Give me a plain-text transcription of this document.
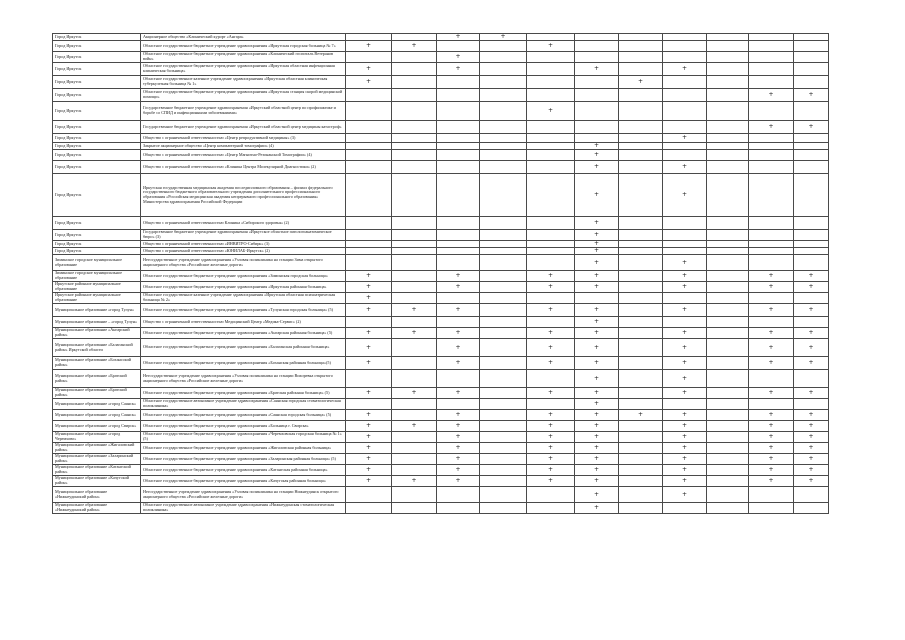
Город Иркутск	Акционерное общество «Клинический курорт «Ангара»			+	+							
Город Иркутск	Областное государственное бюджетное учреждение здравоохранения «Иркутская городская больница № 7»	+	+			+						
Город Иркутск	Областное государственное бюджетное учреждение здравоохранения «Клинический госпиталь Ветеранов войн»			+								
Город Иркутск	Областное государственное бюджетное учреждение здравоохранения «Иркутская областная инфекционная клиническая больница»	+		+			+		+			
Город Иркутск	Областное государственное казенное учреждение здравоохранения «Иркутская областная клиническая туберкулезная больница № 1»	+						+				
Город Иркутск	Областное государственное бюджетное учреждение здравоохранения «Иркутская станция скорой медицинской помощи»										+	+
Город Иркутск	Государственное бюджетное учреждение здравоохранения «Иркутский областной центр по профилактике и борьбе со СПИД и инфекционными заболеваниями»					+						
Город Иркутск	Государственное бюджетное учреждение здравоохранения «Иркутский областной центр медицины катастроф»										+	+
Город Иркутск	Общество с ограниченной ответственностью «Центр репродуктивной медицины» (3)								+			
Город Иркутск	Закрытое акционерное общество «Центр компьютерной томографии» (4)						+					
Город Иркутск	Общество с ограниченной ответственностью «Центр Магнитно-Резонансной Томографии» (4)						+					
Город Иркутск	Общество с ограниченной ответственностью «Клиника Центра Молекулярной Диагностики» (2)						+		+			
Город Иркутск	Иркутская государственная медицинская академия последипломного образования – филиал федерального государственного бюджетного образовательного учреждения дополнительного профессионального образования «Российская медицинская академия непрерывного профессионального образования» Министерства здравоохранения Российской Федерации						+		+			
Город Иркутск	Общество с ограниченной ответственностью Клиника «Сибирского здоровья» (2)						+					
Город Иркутск	Государственное бюджетное учреждение здравоохранения «Иркутское областное патологоанатомическое бюро» (3)						+					
Город Иркутск	Общество с ограниченной ответственностью «ИНВИТРО-Сибирь» (3)						+					
Город Иркутск	Общество с ограниченной ответственностью «ЮНИЛАБ-Иркутск» (2)						+					
Зиминское городское муниципальное образование	Негосударственное учреждение здравоохранения «Узловая поликлиника на станции Зима открытого акционерного общества «Российские железные дороги»						+		+			
Зиминское городское муниципальное образование	Областное государственное бюджетное учреждение здравоохранения «Зиминская городская больница»	+		+		+	+		+		+	+
Иркутское районное муниципальное образование	Областное государственное бюджетное учреждение здравоохранения «Иркутская районная больница»	+		+		+	+		+		+	+
Иркутское районное муниципальное образование	Областное государственное казенное учреждение здравоохранения «Иркутская областная психиатрическая больница № 2»	+										
Муниципальное образование «город Тулун»	Областное государственное бюджетное учреждение здравоохранения «Тулунская городская больница» (5)	+	+	+		+	+		+		+	+
Муниципальное образование – «город Тулун»	Общество с ограниченной ответственностью Медицинский Центр «Медика-Сервис» (2)						+					
Муниципальное образование «Ангарский район»	Областное государственное бюджетное учреждение здравоохранения «Ангарская районная больница» (5)	+	+	+		+	+		+		+	+
Муниципальное образование «Балаганский район» Иркутской области	Областное государственное бюджетное учреждение здравоохранения «Балаганская районная больница»	+		+		+	+		+		+	+
Муниципальное образование «Бохансский район»	Областное государственное бюджетное учреждение здравоохранения «Боханская районная больница»(5)	+		+		+	+		+		+	+
Муниципальное образование «Братский район»	Негосударственное учреждение здравоохранения «Узловая поликлиника на станции Вихоревка открытого акционерного общества «Российские железные дороги»						+		+			
Муниципальное образование «Братский район»	Областное государственное бюджетное учреждение здравоохранения «Братская районная больница» (5)	+	+	+		+	+		+		+	+
Муниципальное образование «город Саянск»	Областное государственное автономное учреждение здравоохранения «Саянская городская стоматологическая поликлиника»						+					
Муниципальное образование «город Саянск»	Областное государственное бюджетное учреждение здравоохранения «Саянская городская больница» (5)	+		+		+	+	+	+		+	+
Муниципальное образование «город Свирск»	Областное государственное бюджетное учреждение здравоохранения «Больница г. Свирска»	+	+	+		+	+		+		+	+
Муниципальное образование «город Черемхово»	Областное государственное бюджетное учреждение здравоохранения «Черемховская городская больница № 1» (5)	+		+		+	+		+		+	+
Муниципальное образование «Жигаловский район»	Областное государственное бюджетное учреждение здравоохранения «Жигаловская районная больница»	+		+		+	+		+		+	+
Муниципальное образование «Заларинский район»	Областное государственное бюджетное учреждение здравоохранения «Заларинская районная больница» (5)	+		+		+	+		+		+	+
Муниципальное образование «Катангский район»	Областное государственное бюджетное учреждение здравоохранения «Катангская районная больница»	+		+		+	+		+		+	+
Муниципальное образование «Качугский район»	Областное государственное бюджетное учреждение здравоохранения «Качугская районная больница»	+	+	+		+	+		+		+	+
Муниципальное образование «Нижнеудинский район»	Негосударственное учреждение здравоохранения «Узловая поликлиника на станции Нижнеудинск открытого акционерного общества «Российские железные дороги»						+		+			
Муниципальное образование «Нижнеудинский район»	Областное государственное автономное учреждение здравоохранения «Нижнеудинская стоматологическая поликлиника»						+					
